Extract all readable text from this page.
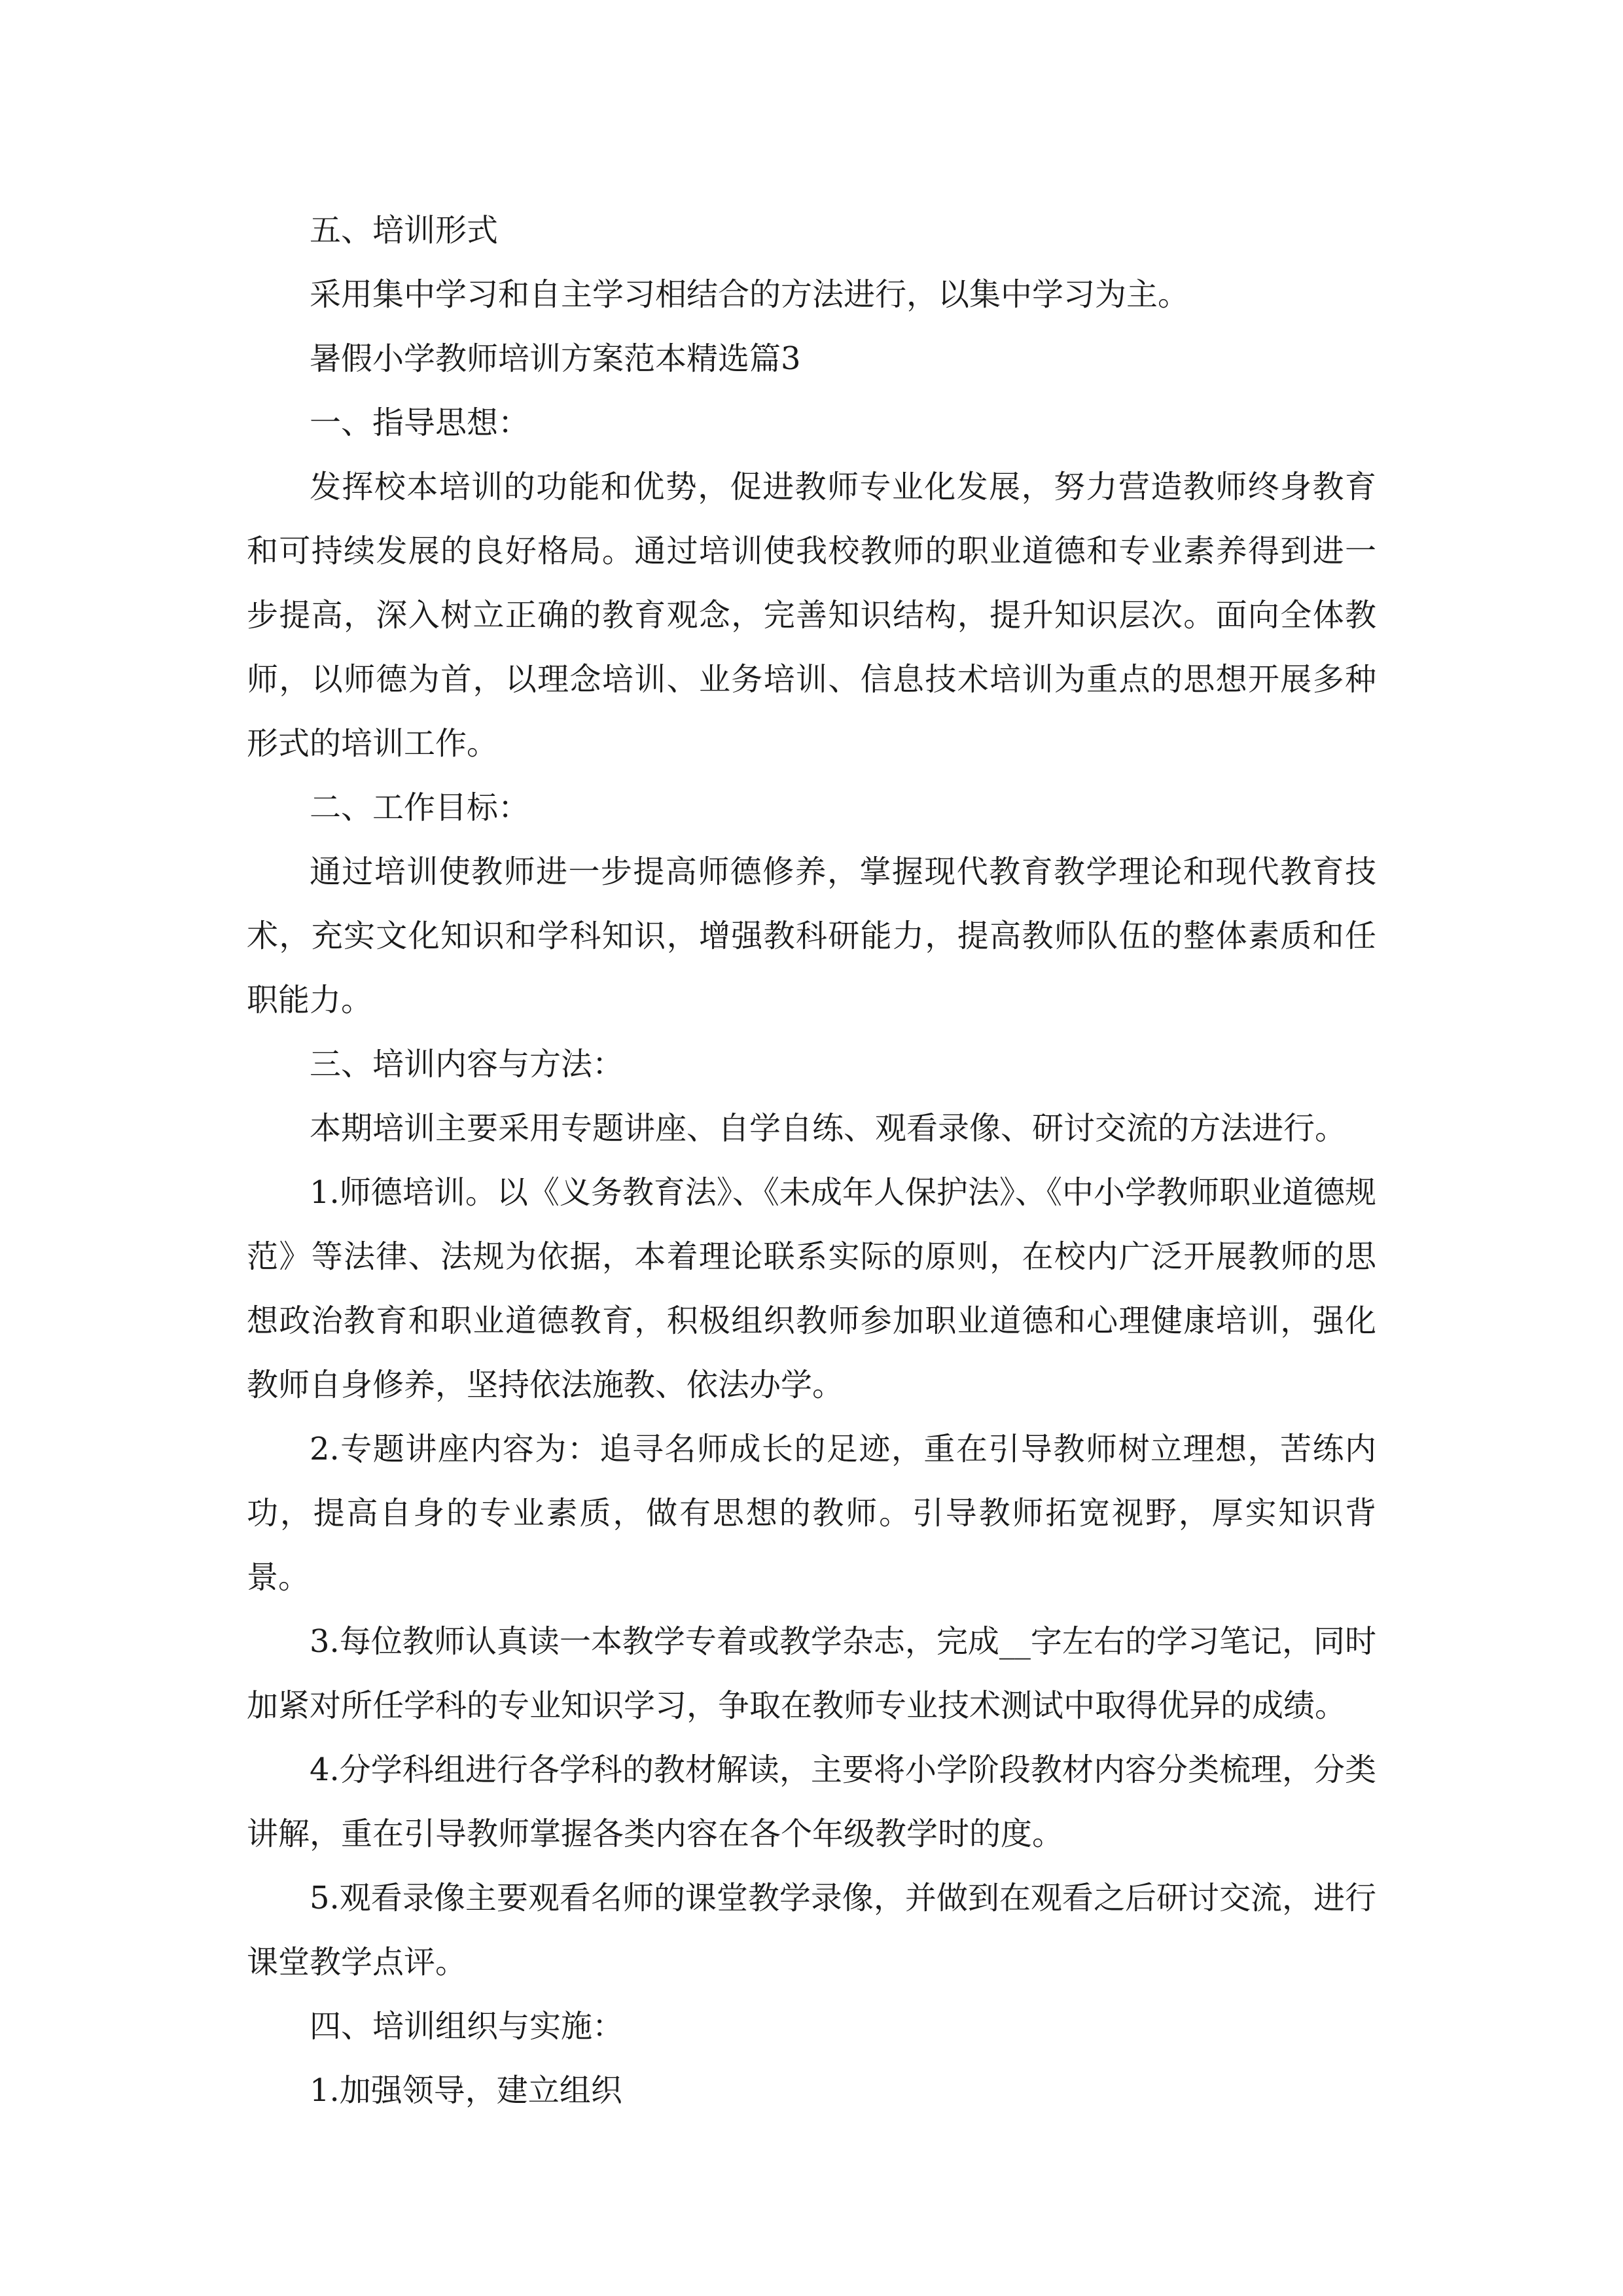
五、培训形式

采用集中学习和自主学习相结合的方法进行，以集中学习为主。

暑假小学教师培训方案范本精选篇3

一、指导思想：

发挥校本培训的功能和优势，促进教师专业化发展，努力营造教师终身教育和可持续发展的良好格局。通过培训使我校教师的职业道德和专业素养得到进一步提高，深入树立正确的教育观念，完善知识结构，提升知识层次。面向全体教师，以师德为首，以理念培训、业务培训、信息技术培训为重点的思想开展多种形式的培训工作。

二、工作目标：

通过培训使教师进一步提高师德修养，掌握现代教育教学理论和现代教育技术，充实文化知识和学科知识，增强教科研能力，提高教师队伍的整体素质和任职能力。

三、培训内容与方法：

本期培训主要采用专题讲座、自学自练、观看录像、研讨交流的方法进行。

1.师德培训。以《义务教育法》、《未成年人保护法》、《中小学教师职业道德规范》等法律、法规为依据，本着理论联系实际的原则，在校内广泛开展教师的思想政治教育和职业道德教育，积极组织教师参加职业道德和心理健康培训，强化教师自身修养，坚持依法施教、依法办学。

2.专题讲座内容为：追寻名师成长的足迹，重在引导教师树立理想，苦练内功，提高自身的专业素质，做有思想的教师。引导教师拓宽视野，厚实知识背景。

3.每位教师认真读一本教学专着或教学杂志，完成__字左右的学习笔记，同时加紧对所任学科的专业知识学习，争取在教师专业技术测试中取得优异的成绩。

4.分学科组进行各学科的教材解读，主要将小学阶段教材内容分类梳理，分类讲解，重在引导教师掌握各类内容在各个年级教学时的度。

5.观看录像主要观看名师的课堂教学录像，并做到在观看之后研讨交流，进行课堂教学点评。

四、培训组织与实施：

1.加强领导，建立组织
